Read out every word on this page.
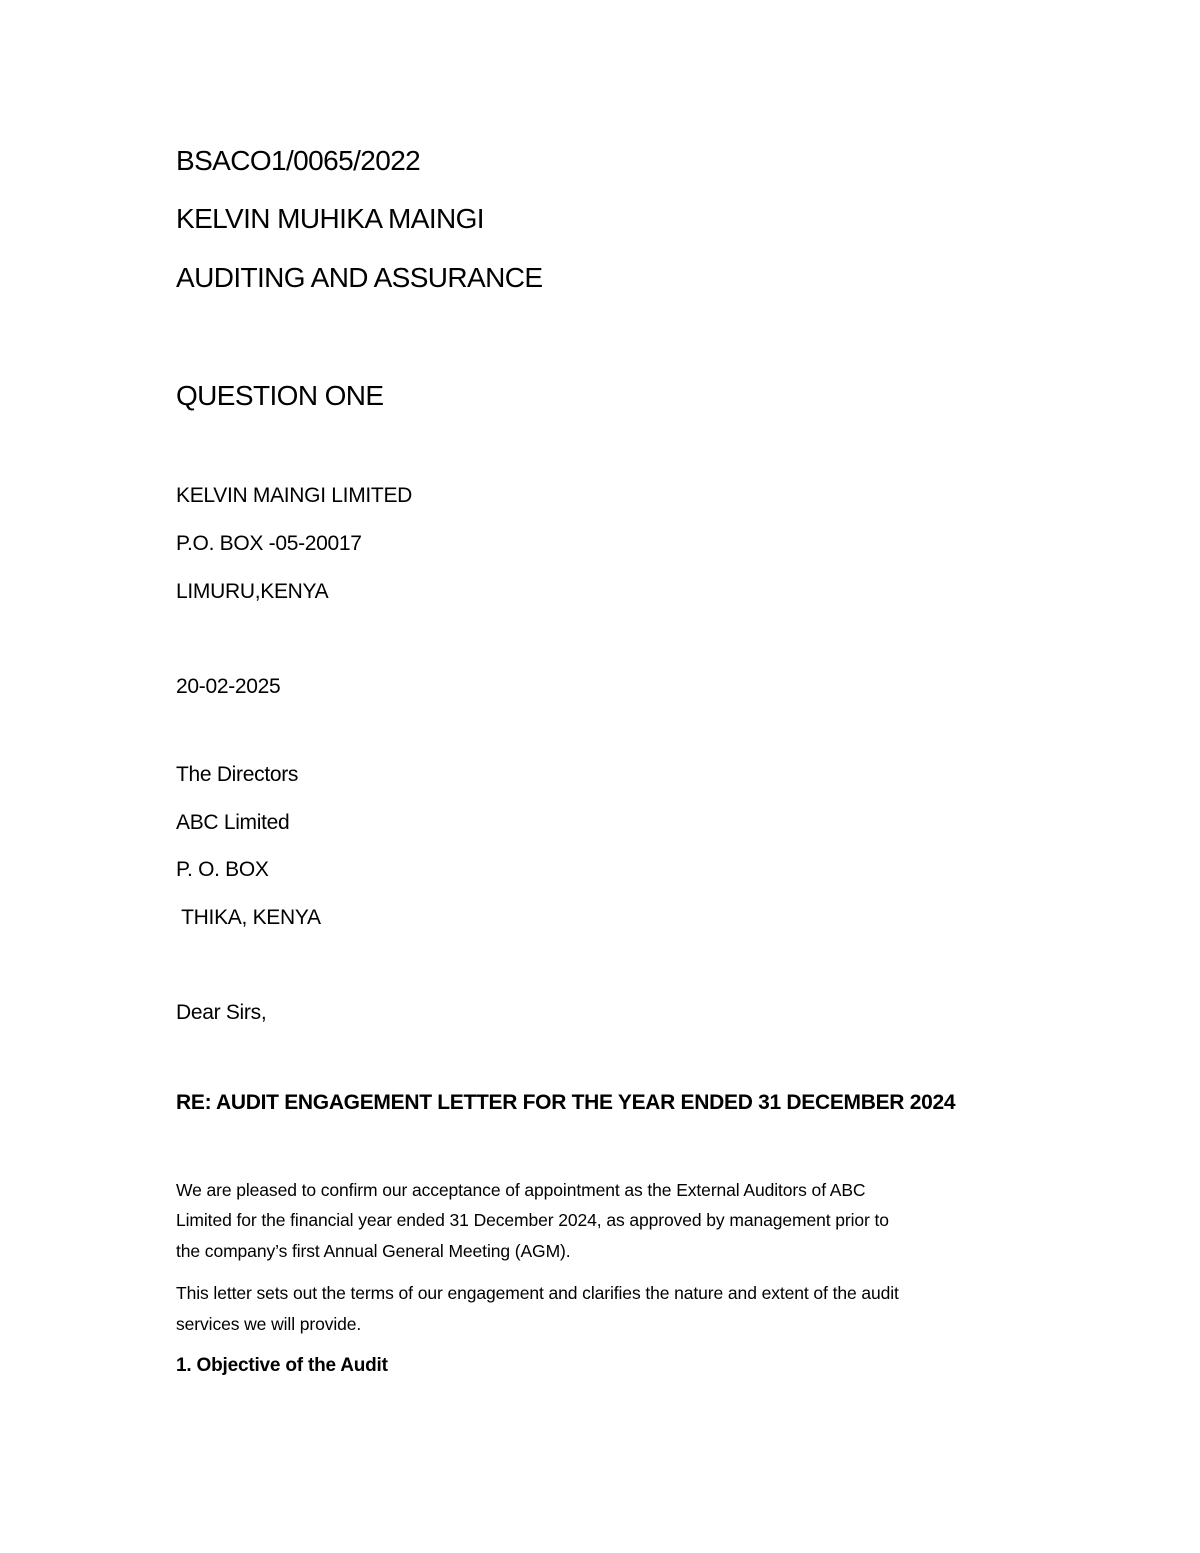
BSACO1/0065/2022

KELVIN MUHIKA MAINGI

AUDITING AND ASSURANCE

QUESTION ONE

KELVIN MAINGI LIMITED

P.O. BOX -05-20017

LIMURU,KENYA

20-02-2025

The Directors

ABC Limited

P. O. BOX

THIKA, KENYA

Dear Sirs,

RE: AUDIT ENGAGEMENT LETTER FOR THE YEAR ENDED 31 DECEMBER 2024

We are pleased to confirm our acceptance of appointment as the External Auditors of ABC

Limited for the financial year ended 31 December 2024, as approved by management prior to

the company’s first Annual General Meeting (AGM).

This letter sets out the terms of our engagement and clarifies the nature and extent of the audit

services we will provide.

1. Objective of the Audit
